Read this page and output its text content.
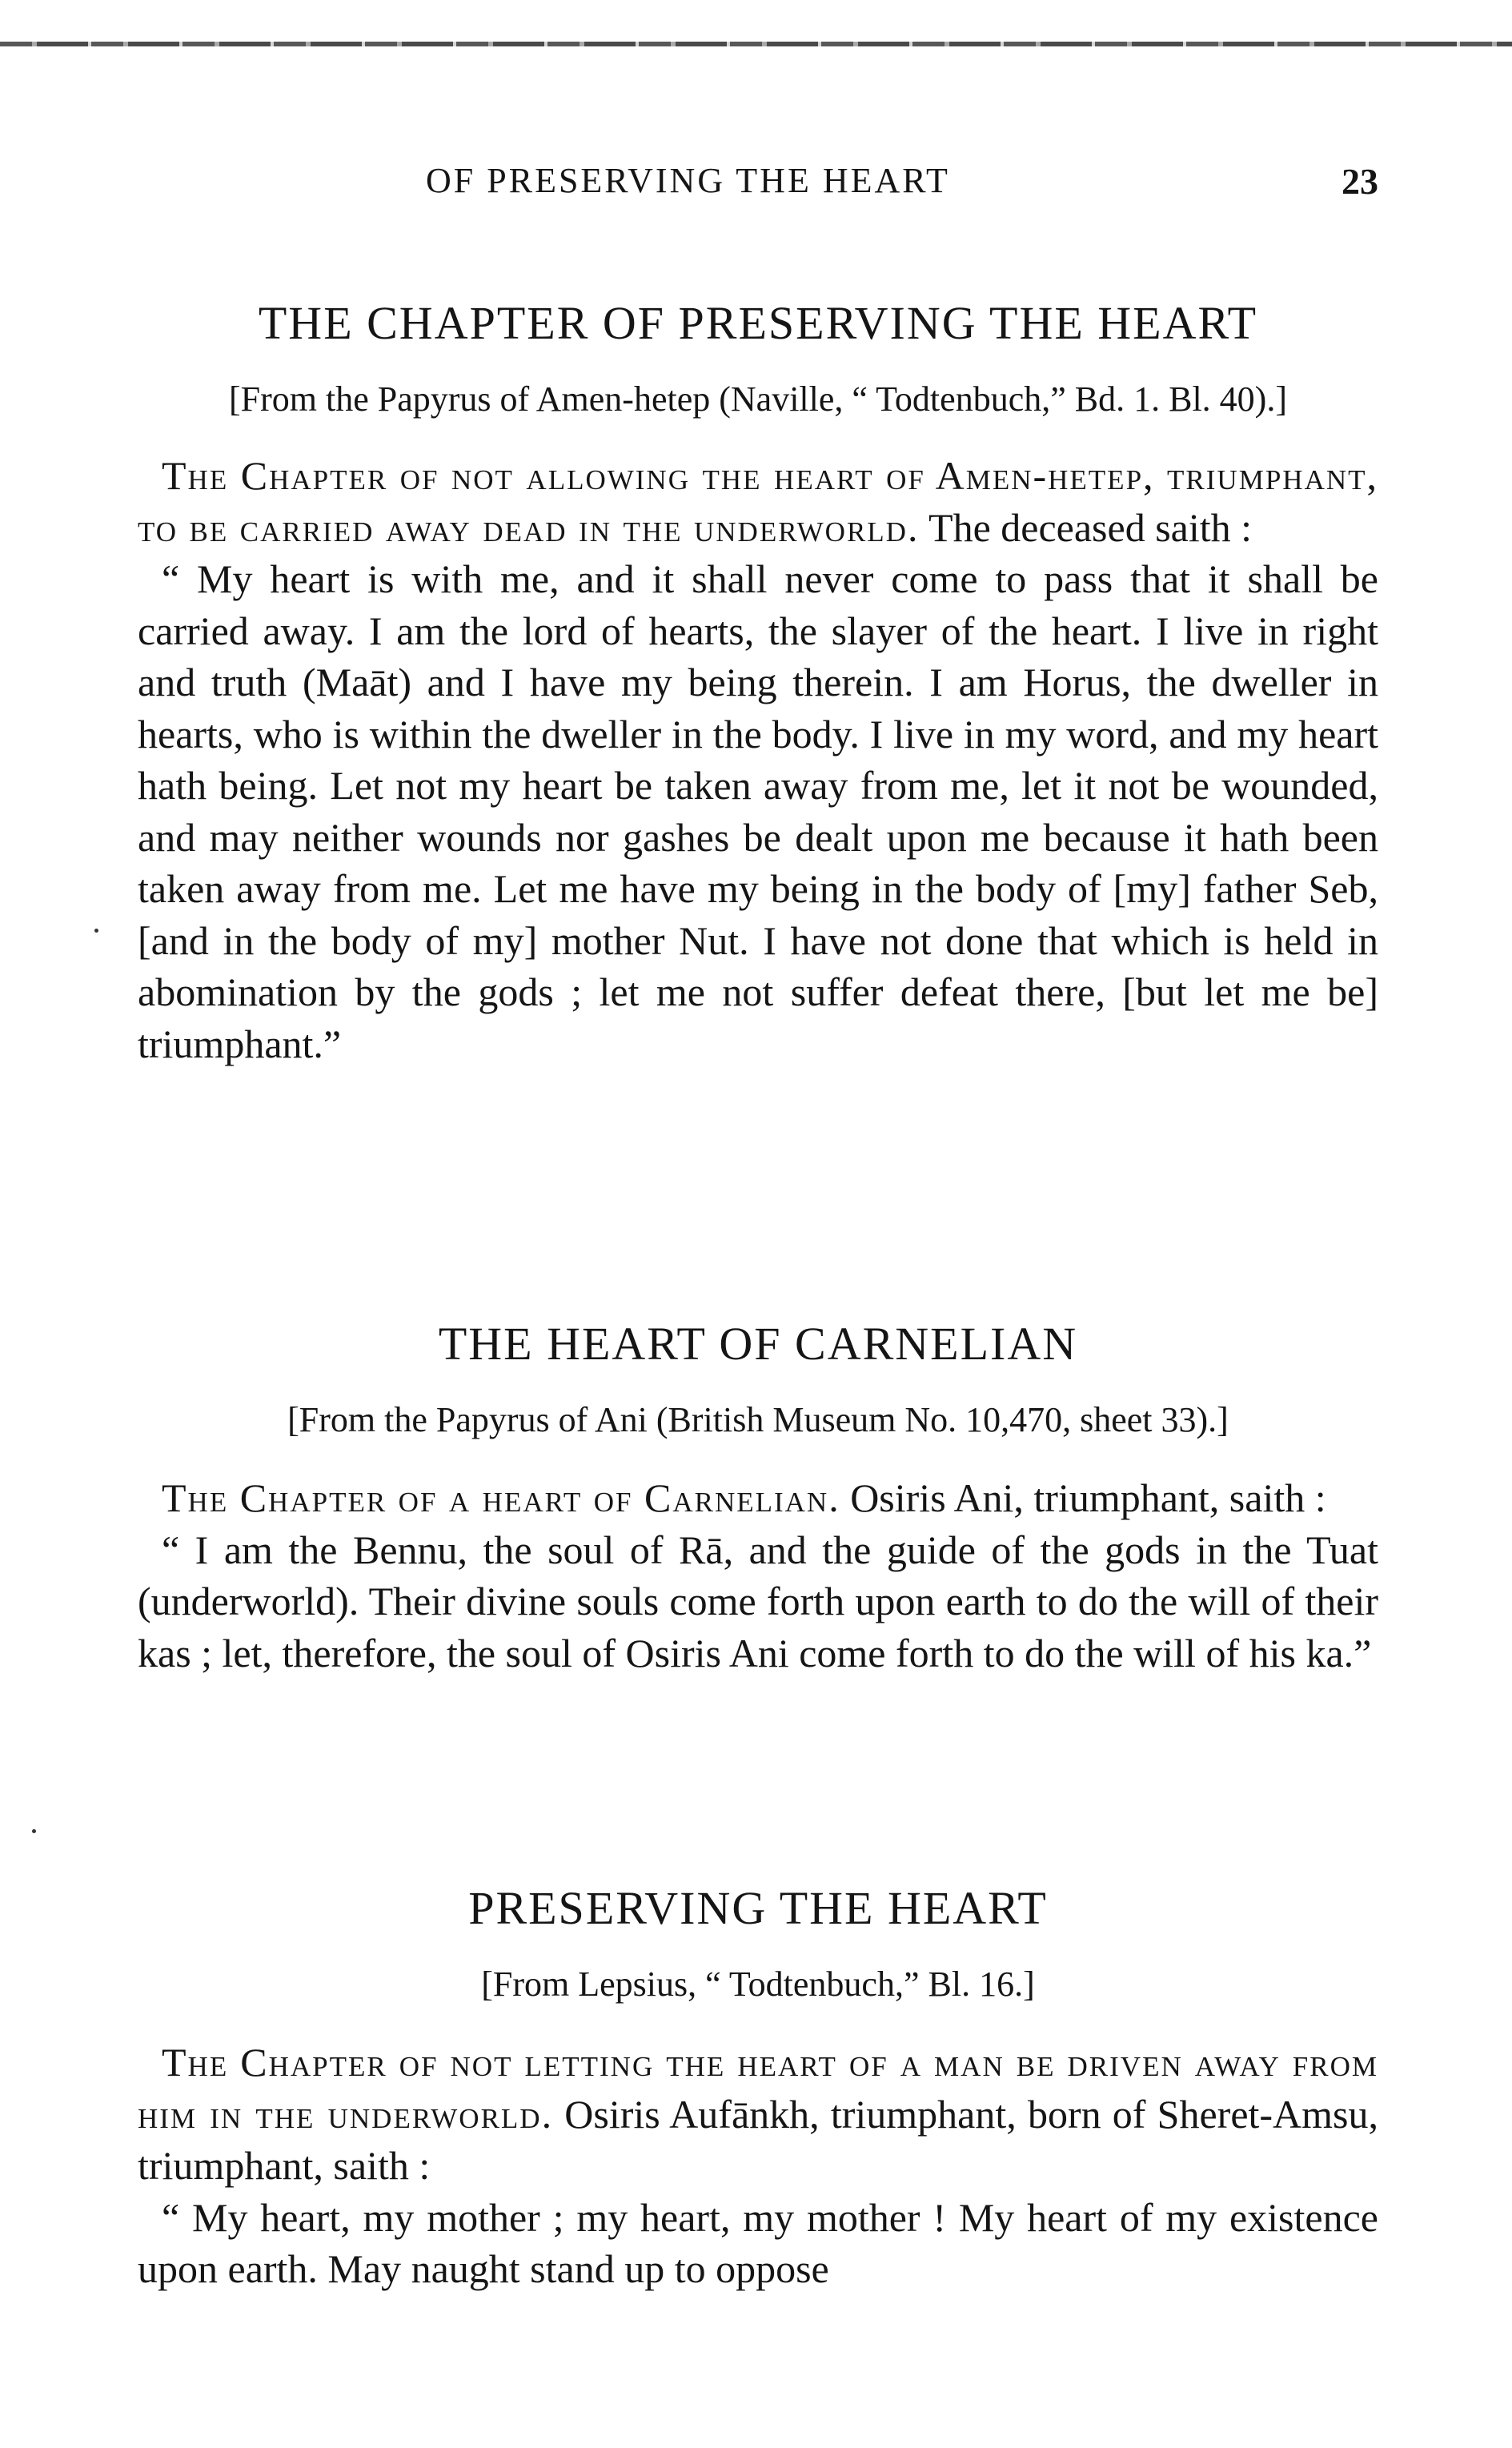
OF PRESERVING THE HEART	23
THE CHAPTER OF PRESERVING THE HEART

[From the Papyrus of Amen-hetep (Naville, “ Todtenbuch,” Bd. 1. Bl. 40).]

The Chapter of not allowing the heart of Amen-hetep, triumphant, to be carried away dead in the underworld. The deceased saith :

“ My heart is with me, and it shall never come to pass that it shall be carried away. I am the lord of hearts, the slayer of the heart. I live in right and truth (Maāt) and I have my being therein. I am Horus, the dweller in hearts, who is within the dweller in the body. I live in my word, and my heart hath being. Let not my heart be taken away from me, let it not be wounded, and may neither wounds nor gashes be dealt upon me because it hath been taken away from me. Let me have my being in the body of [my] father Seb, [and in the body of my] mother Nut. I have not done that which is held in abomination by the gods ; let me not suffer defeat there, [but let me be] triumphant.”

THE HEART OF CARNELIAN

[From the Papyrus of Ani (British Museum No. 10,470, sheet 33).]

The Chapter of a heart of Carnelian. Osiris Ani, triumphant, saith :

“ I am the Bennu, the soul of Rā, and the guide of the gods in the Tuat (underworld). Their divine souls come forth upon earth to do the will of their kas ; let, therefore, the soul of Osiris Ani come forth to do the will of his ka.”

PRESERVING THE HEART

[From Lepsius, “ Todtenbuch,” Bl. 16.]

The Chapter of not letting the heart of a man be driven away from him in the underworld. Osiris Aufānkh, triumphant, born of Sheret-Amsu, triumphant, saith :

“ My heart, my mother ; my heart, my mother ! My heart of my existence upon earth. May naught stand up to oppose
